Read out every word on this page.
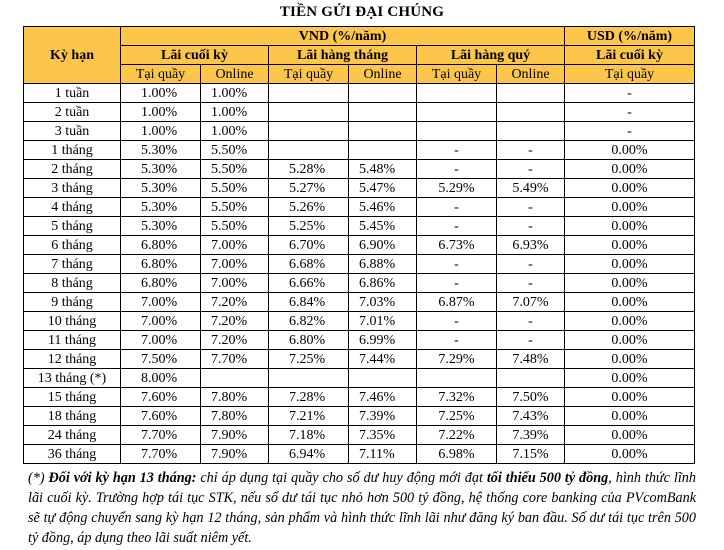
TIỀN GỬI ĐẠI CHÚNG
Kỳ hạn	VND (%/năm)						USD (%/năm)
	Lãi cuối kỳ		Lãi hàng tháng		Lãi hàng quý		Lãi cuối kỳ
	Tại quầy	Online	Tại quầy	Online	Tại quầy	Online	Tại quầy
1 tuần	1.00%	1.00%					-
2 tuần	1.00%	1.00%					-
3 tuần	1.00%	1.00%					-
1 tháng	5.30%	5.50%			-	-	0.00%
2 tháng	5.30%	5.50%	5.28%	5.48%	-	-	0.00%
3 tháng	5.30%	5.50%	5.27%	5.47%	5.29%	5.49%	0.00%
4 tháng	5.30%	5.50%	5.26%	5.46%	-	-	0.00%
5 tháng	5.30%	5.50%	5.25%	5.45%	-	-	0.00%
6 tháng	6.80%	7.00%	6.70%	6.90%	6.73%	6.93%	0.00%
7 tháng	6.80%	7.00%	6.68%	6.88%	-	-	0.00%
8 tháng	6.80%	7.00%	6.66%	6.86%	-	-	0.00%
9 tháng	7.00%	7.20%	6.84%	7.03%	6.87%	7.07%	0.00%
10 tháng	7.00%	7.20%	6.82%	7.01%	-	-	0.00%
11 tháng	7.00%	7.20%	6.80%	6.99%	-	-	0.00%
12 tháng	7.50%	7.70%	7.25%	7.44%	7.29%	7.48%	0.00%
13 tháng (*)	8.00%						0.00%
15 tháng	7.60%	7.80%	7.28%	7.46%	7.32%	7.50%	0.00%
18 tháng	7.60%	7.80%	7.21%	7.39%	7.25%	7.43%	0.00%
24 tháng	7.70%	7.90%	7.18%	7.35%	7.22%	7.39%	0.00%
36 tháng	7.70%	7.90%	6.94%	7.11%	6.98%	7.15%	0.00%
(*) Đối với kỳ hạn 13 tháng: chỉ áp dụng tại quầy cho số dư huy động mới đạt tối thiểu 500 tỷ đồng, hình thức lĩnh lãi cuối kỳ. Trường hợp tái tục STK, nếu số dư tái tục nhỏ hơn 500 tỷ đồng, hệ thống core banking của PVcomBank sẽ tự động chuyển sang kỳ hạn 12 tháng, sản phẩm và hình thức lĩnh lãi như đăng ký ban đầu. Số dư tái tục trên 500 tỷ đồng, áp dụng theo lãi suất niêm yết.
